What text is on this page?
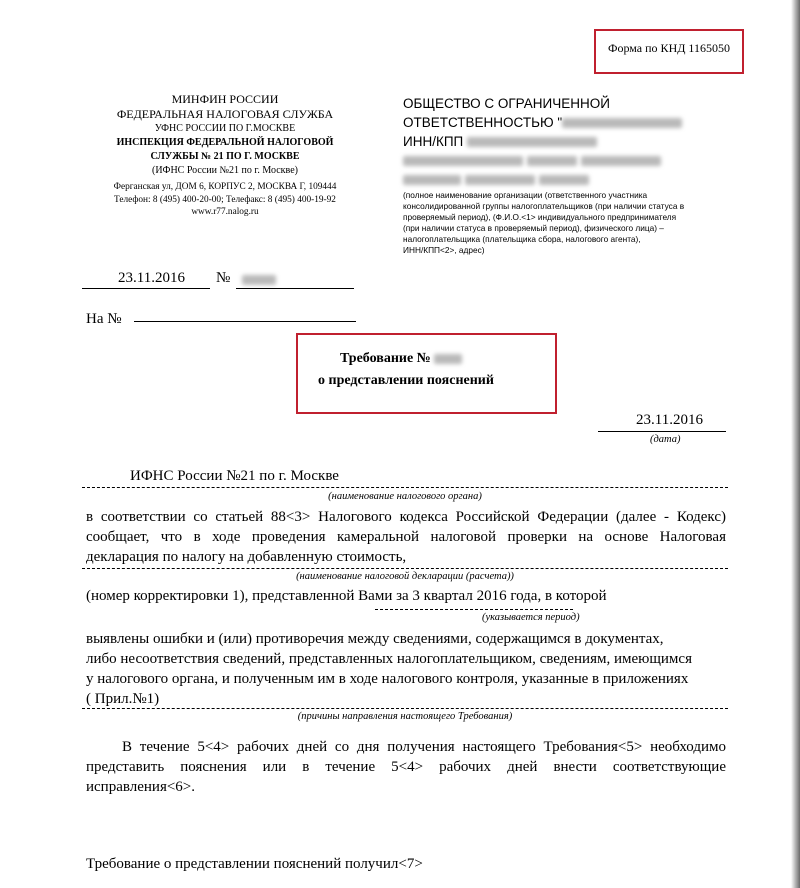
Форма по КНД 1165050
МИНФИН РОССИИ
ФЕДЕРАЛЬНАЯ НАЛОГОВАЯ СЛУЖБА
УФНС РОССИИ ПО Г.МОСКВЕ
ИНСПЕКЦИЯ ФЕДЕРАЛЬНОЙ НАЛОГОВОЙ
СЛУЖБЫ № 21 ПО Г. МОСКВЕ
(ИФНС России №21 по г. Москве)
Ферганская ул, ДОМ 6, КОРПУС 2, МОСКВА Г, 109444
Телефон: 8 (495) 400-20-00; Телефакс: 8 (495) 400-19-92
www.r77.nalog.ru
ОБЩЕСТВО С ОГРАНИЧЕННОЙ
ОТВЕТСТВЕННОСТЬЮ "
ИНН/КПП

(полное наименование организации (ответственного участника
консолидированной группы налогоплательщиков (при наличии статуса в
проверяемый период), (Ф.И.О.<1> индивидуального предпринимателя
(при наличии статуса в проверяемый период), физического лица) –
налогоплательщика (плательщика сбора, налогового агента),
ИНН/КПП<2>, адрес)
23.11.2016 №
На №
Требование №
о представлении пояснений
23.11.2016
(дата)
ИФНС России №21 по г. Москве
(наименование налогового органа)
в соответствии со статьей 88<3> Налогового кодекса Российской Федерации (далее - Кодекс)
сообщает, что в ходе проведения камеральной налоговой проверки на основе Налоговая
декларация по налогу на добавленную стоимость,
(наименование налоговой декларации (расчета))
(номер корректировки 1), представленной Вами за 3 квартал 2016 года, в которой
(указывается период)
выявлены ошибки и (или) противоречия между сведениями, содержащимся в документах,
либо несоответствия сведений, представленных налогоплательщиком, сведениям, имеющимся
у налогового органа, и полученным им в ходе налогового контроля, указанные в приложениях
( Прил.№1)
(причины направления настоящего Требования)
В течение 5<4> рабочих дней со дня получения настоящего Требования<5> необходимо
представить пояснения или в течение 5<4> рабочих дней внести соответствующие
исправления<6>.
Требование о представлении пояснений получил<7>
